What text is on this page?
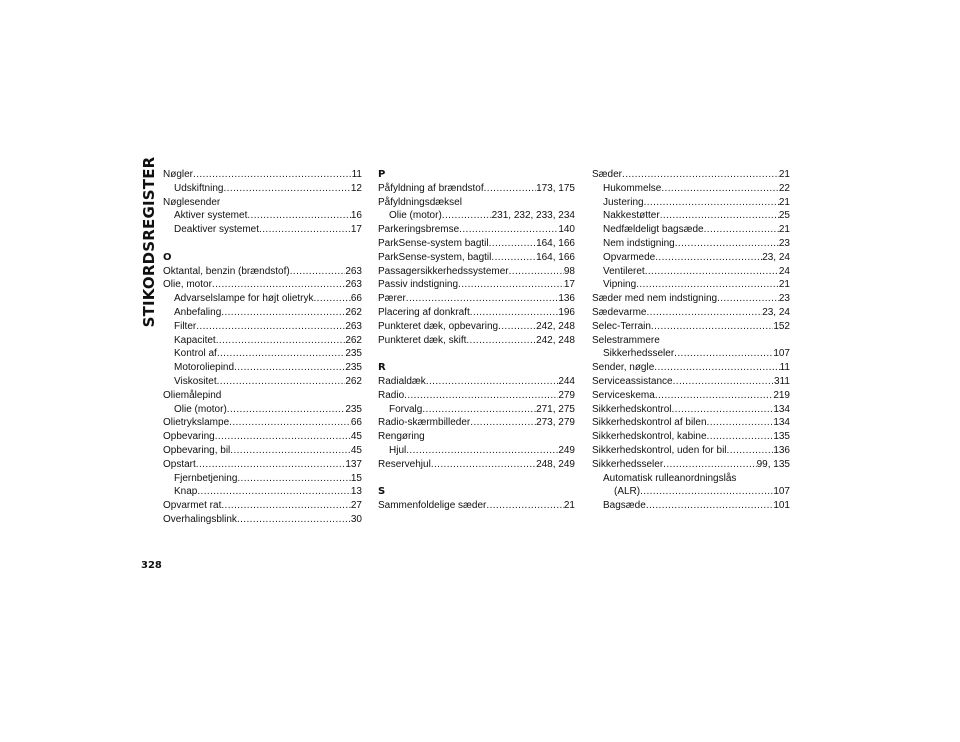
STIKORDSREGISTER Nøgler .....	11
Udskiftning .....	12
Nøglesender
Aktiver systemet .....	16
Deaktiver systemet .....	17
O
Oktantal, benzin (brændstof) .....	263
Olie, motor .....	263
Advarselslampe for højt olietryk .....	66
Anbefaling .....	262
Filter .....	263
Kapacitet .....	262
Kontrol af .....	235
Motoroliepind .....	235
Viskositet .....	262
Oliemålepind
Olie (motor) .....	235
Olietrykslampe .....	66
Opbevaring .....	45
Opbevaring, bil .....	45
Opstart .....	137
Fjernbetjening .....	15
Knap .....	13
Opvarmet rat .....	27
Overhalingsblink .....	30
P
Påfyldning af brændstof .....	173, 175
Påfyldningsdæksel
Olie (motor) .....	231, 232, 233, 234
Parkeringsbremse .....	140
ParkSense-system bagtil .....	164, 166
ParkSense-system, bagtil .....	164, 166
Passagersikkerhedssystemer .....	98
Passiv indstigning .....	17
Pærer .....	136
Placering af donkraft .....	196
Punkteret dæk, opbevaring .....	242, 248
Punkteret dæk, skift .....	242, 248
R
Radialdæk .....	244
Radio .....	279
Forvalg .....	271, 275
Radio-skærmbilleder .....	273, 279
Rengøring
Hjul .....	249
Reservehjul .....	248, 249
S
Sammenfoldelige sæder .....	21
Sæder .....	21
Hukommelse .....	22
Justering .....	21
Nakkestøtter .....	25
Nedfældeligt bagsæde .....	21
Nem indstigning .....	23
Opvarmede .....	23, 24
Ventileret .....	24
Vipning .....	21
Sæder med nem indstigning .....	23
Sædevarme .....	23, 24
Selec-Terrain .....	152
Selestrammere
Sikkerhedsseler .....	107
Sender, nøgle .....	11
Serviceassistance .....	311
Serviceskema .....	219
Sikkerhedskontrol .....	134
Sikkerhedskontrol af bilen .....	134
Sikkerhedskontrol, kabine .....	135
Sikkerhedskontrol, uden for bil .....	136
Sikkerhedsseler .....	99, 135
Automatisk rulleanordningslås
(ALR) .....	107
Bagsæde .....	101
328
